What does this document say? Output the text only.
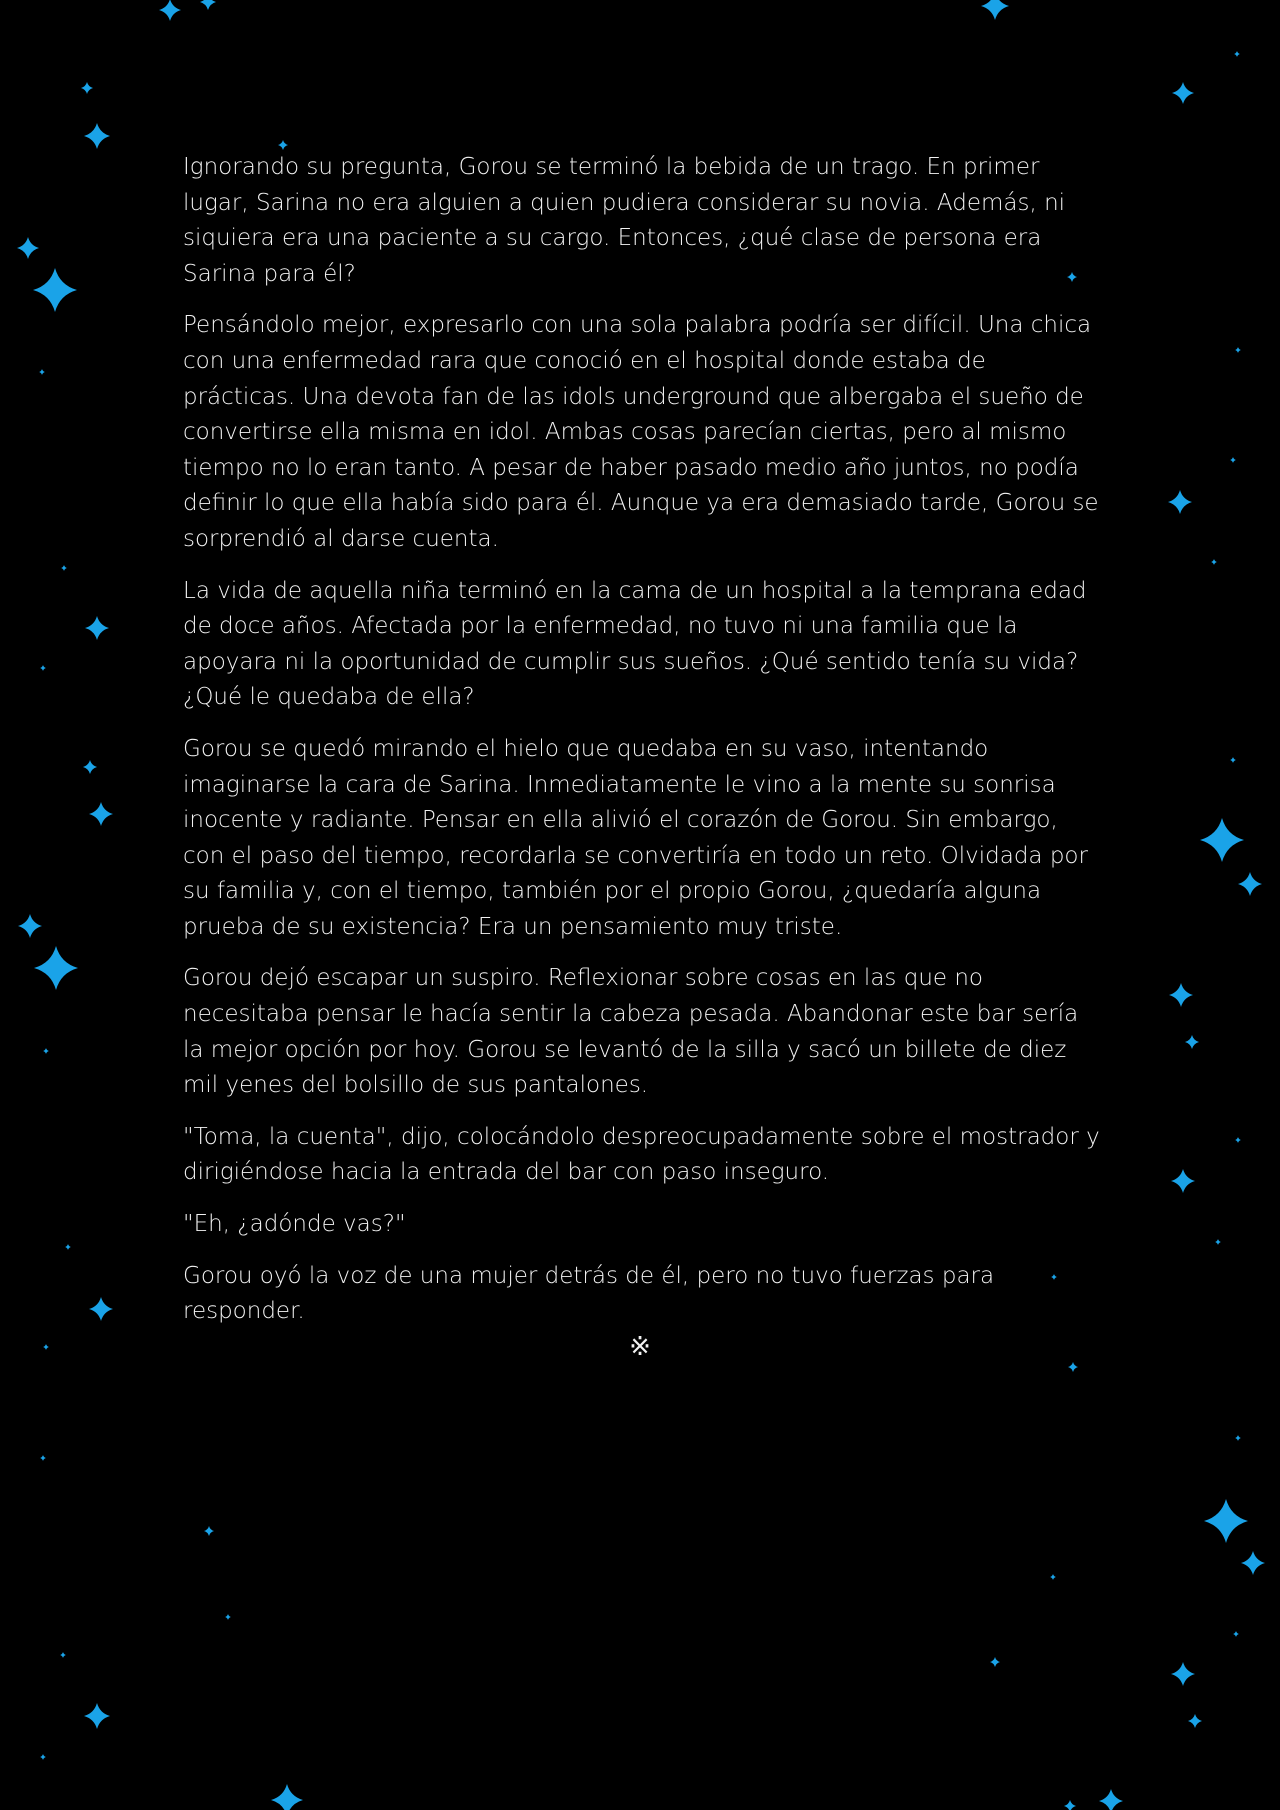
Ignorando su pregunta, Gorou se terminó la bebida de un trago. En primer lugar, Sarina no era alguien a quien pudiera considerar su novia. Además, ni siquiera era una paciente a su cargo. Entonces, ¿qué clase de persona era Sarina para él?

Pensándolo mejor, expresarlo con una sola palabra podría ser difícil. Una chica con una enfermedad rara que conoció en el hospital donde estaba de prácticas. Una devota fan de las idols underground que albergaba el sueño de convertirse ella misma en idol. Ambas cosas parecían ciertas, pero al mismo tiempo no lo eran tanto. A pesar de haber pasado medio año juntos, no podía definir lo que ella había sido para él. Aunque ya era demasiado tarde, Gorou se sorprendió al darse cuenta.

La vida de aquella niña terminó en la cama de un hospital a la temprana edad de doce años. Afectada por la enfermedad, no tuvo ni una familia que la apoyara ni la oportunidad de cumplir sus sueños. ¿Qué sentido tenía su vida? ¿Qué le quedaba de ella?

Gorou se quedó mirando el hielo que quedaba en su vaso, intentando imaginarse la cara de Sarina. Inmediatamente le vino a la mente su sonrisa inocente y radiante. Pensar en ella alivió el corazón de Gorou. Sin embargo, con el paso del tiempo, recordarla se convertiría en todo un reto. Olvidada por su familia y, con el tiempo, también por el propio Gorou, ¿quedaría alguna prueba de su existencia? Era un pensamiento muy triste.

Gorou dejó escapar un suspiro. Reflexionar sobre cosas en las que no necesitaba pensar le hacía sentir la cabeza pesada. Abandonar este bar sería la mejor opción por hoy. Gorou se levantó de la silla y sacó un billete de diez mil yenes del bolsillo de sus pantalones.

"Toma, la cuenta", dijo, colocándolo despreocupadamente sobre el mostrador y dirigiéndose hacia la entrada del bar con paso inseguro.

"Eh, ¿adónde vas?"

Gorou oyó la voz de una mujer detrás de él, pero no tuvo fuerzas para responder.

※
